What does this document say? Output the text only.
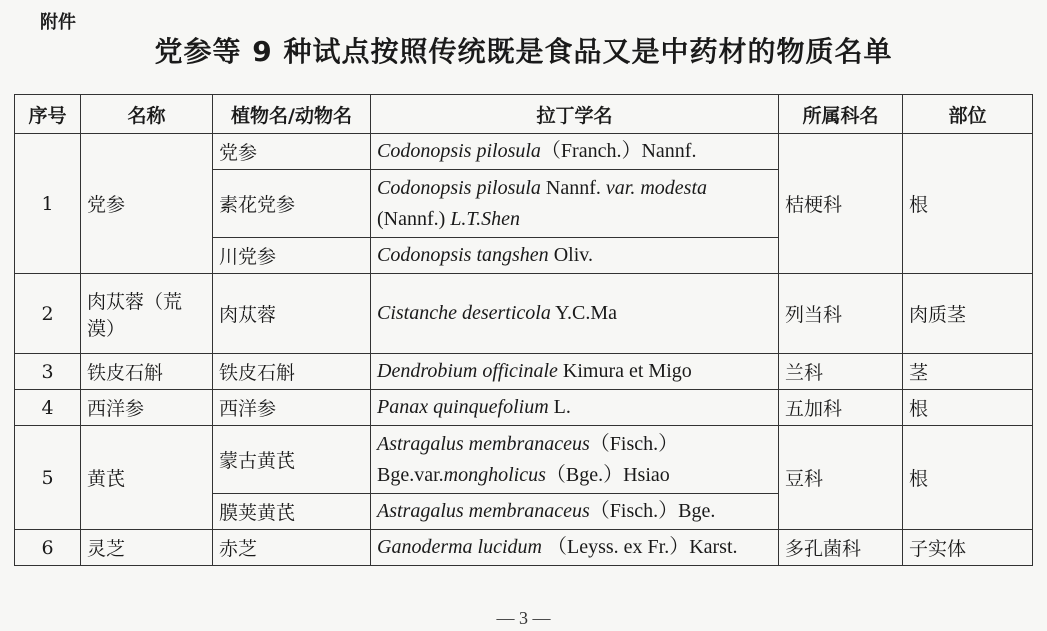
附件
党参等 9 种试点按照传统既是食品又是中药材的物质名单
序号	名称	植物名/动物名	拉丁学名	所属科名	部位
1	党参	党参	Codonopsis pilosula（Franch.）Nannf.	桔梗科	根
		素花党参	Codonopsis pilosula Nannf. var. modesta
(Nannf.) L.T.Shen		
		川党参	Codonopsis tangshen Oliv.		
2	肉苁蓉（荒漠）	肉苁蓉	Cistanche deserticola Y.C.Ma	列当科	肉质茎
3	铁皮石斛	铁皮石斛	Dendrobium officinale Kimura et Migo	兰科	茎
4	西洋参	西洋参	Panax quinquefolium L.	五加科	根
5	黄芪	蒙古黄芪	Astragalus membranaceus（Fisch.）
Bge.var.mongholicus（Bge.）Hsiao	豆科	根
		膜荚黄芪	Astragalus membranaceus（Fisch.）Bge.		
6	灵芝	赤芝	Ganoderma lucidum （Leyss. ex Fr.）Karst.	多孔菌科	子实体
— 3 —
